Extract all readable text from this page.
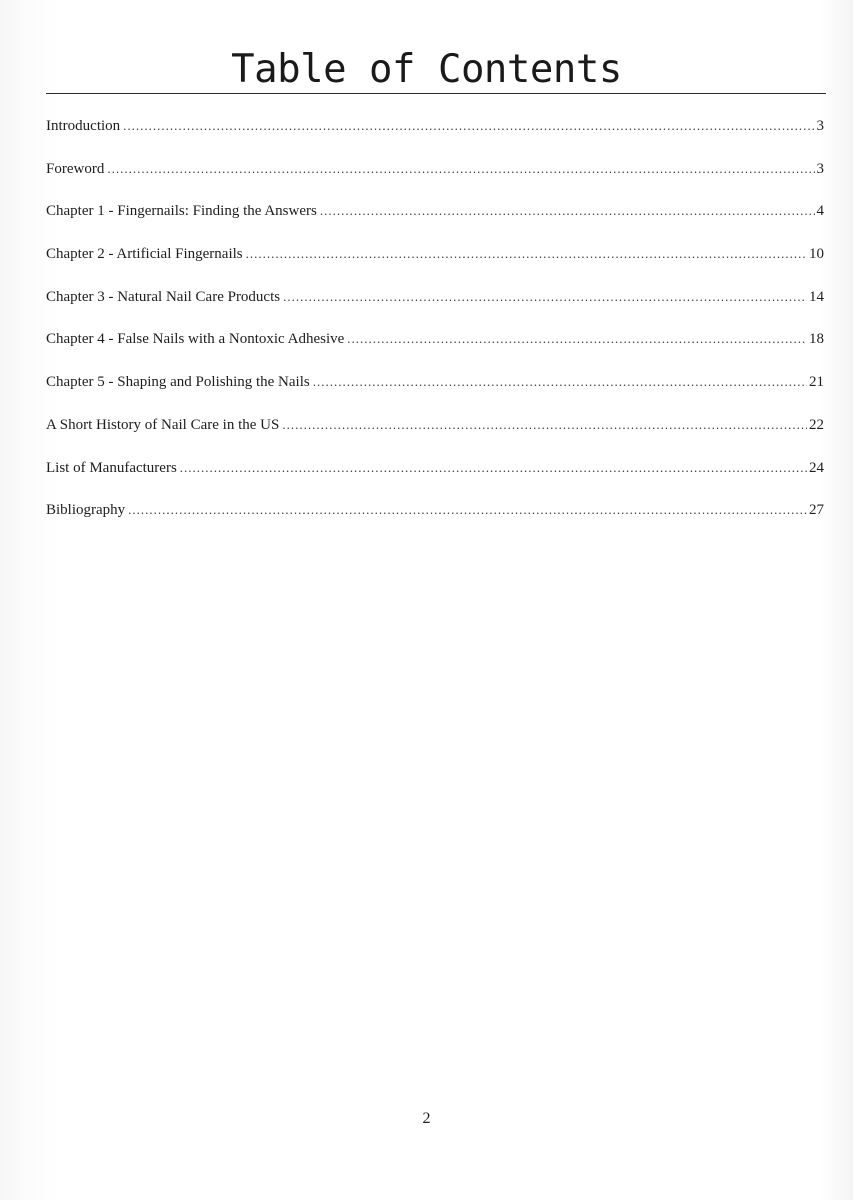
Table of Contents
Introduction .....	3
Foreword .....	3
Chapter 1 - Fingernails: Finding the Answers .....	4
Chapter 2 - Artificial Fingernails .....	10
Chapter 3 - Natural Nail Care Products .....	14
Chapter 4 - False Nails with a Nontoxic Adhesive .....	18
Chapter 5 - Shaping and Polishing the Nails .....	21
A Short History of Nail Care in the US .....	22
List of Manufacturers .....	24
Bibliography .....	27
2
